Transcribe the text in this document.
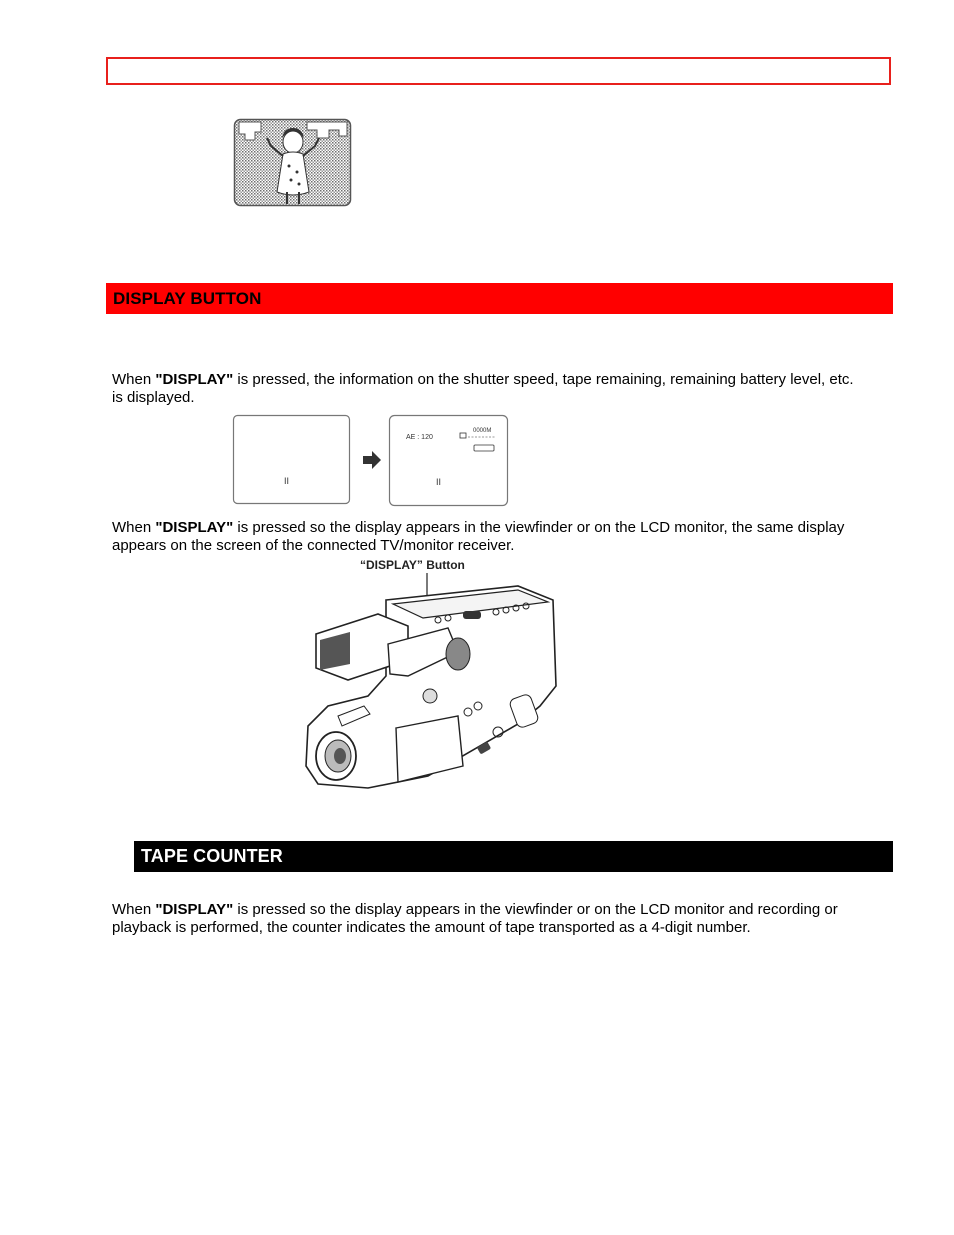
DISPLAY BUTTON
When "DISPLAY" is pressed, the information on the shutter speed, tape remaining, remaining battery level, etc.
is displayed.
II
AE : 120
0000M
II
When "DISPLAY" is pressed so the display appears in the viewfinder or on the LCD monitor, the same display
appears on the screen of the connected TV/monitor receiver.
“DISPLAY” Button
TAPE COUNTER
When "DISPLAY" is pressed so the display appears in the viewfinder or on the LCD monitor and recording or
playback is performed, the counter indicates the amount of tape transported as a 4-digit number.
